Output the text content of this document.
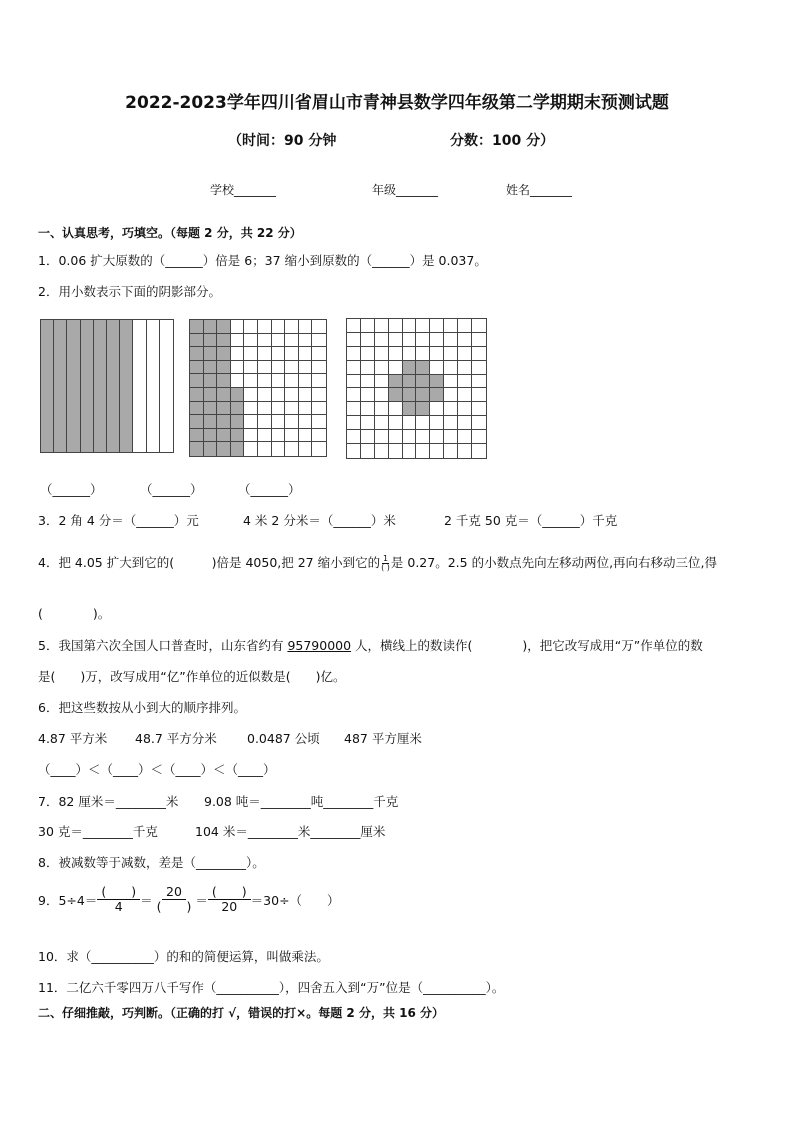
2022-2023学年四川省眉山市青神县数学四年级第二学期期末预测试题
（时间：90 分钟	分数：100 分）
学校_______	年级_______	姓名_______
一、认真思考，巧填空。（每题 2 分，共 22 分）
1．0.06 扩大原数的（______）倍是 6；37 缩小到原数的（______）是 0.037。
2．用小数表示下面的阴影部分。
（______）	（______）	（______）
3．2 角 4 分＝（______）元	4 米 2 分米＝（______）米	2 千克 50 克＝（______）千克
4．把 4.05 扩大到它的(　　　)倍是 4050,把 27 缩小到它的 $\frac{1}{( )}$ 是 0.27。2.5 的小数点先向左移动两位,再向右移动三位,得
(　　　　)。
5．我国第六次全国人口普查时，山东省约有 95790000 人，横线上的数读作(　　　　)，把它改写成用“万”作单位的数
是(　　)万，改写成用“亿”作单位的近似数是(　　)亿。
6．把这些数按从小到大的顺序排列。
4.87 平方米 48.7 平方分米 0.0487 公顷 487 平方厘米
（____）＜（____）＜（____）＜（____）
7．82 厘米＝________米 9.08 吨＝________吨________千克
30 克＝________千克	104 米＝________米________厘米
8．被减数等于减数，差是（________）。
9．$5\div 4= \frac{( )}{4} = \frac{20}{( )} = \frac{( )}{20} =30\div$（　　）
10．求（__________）的和的简便运算，叫做乘法。
11．二亿六千零四万八千写作（__________），四舍五入到“万”位是（__________）。
二、仔细推敲，巧判断。（正确的打 √，错误的打×。每题 2 分，共 16 分）
